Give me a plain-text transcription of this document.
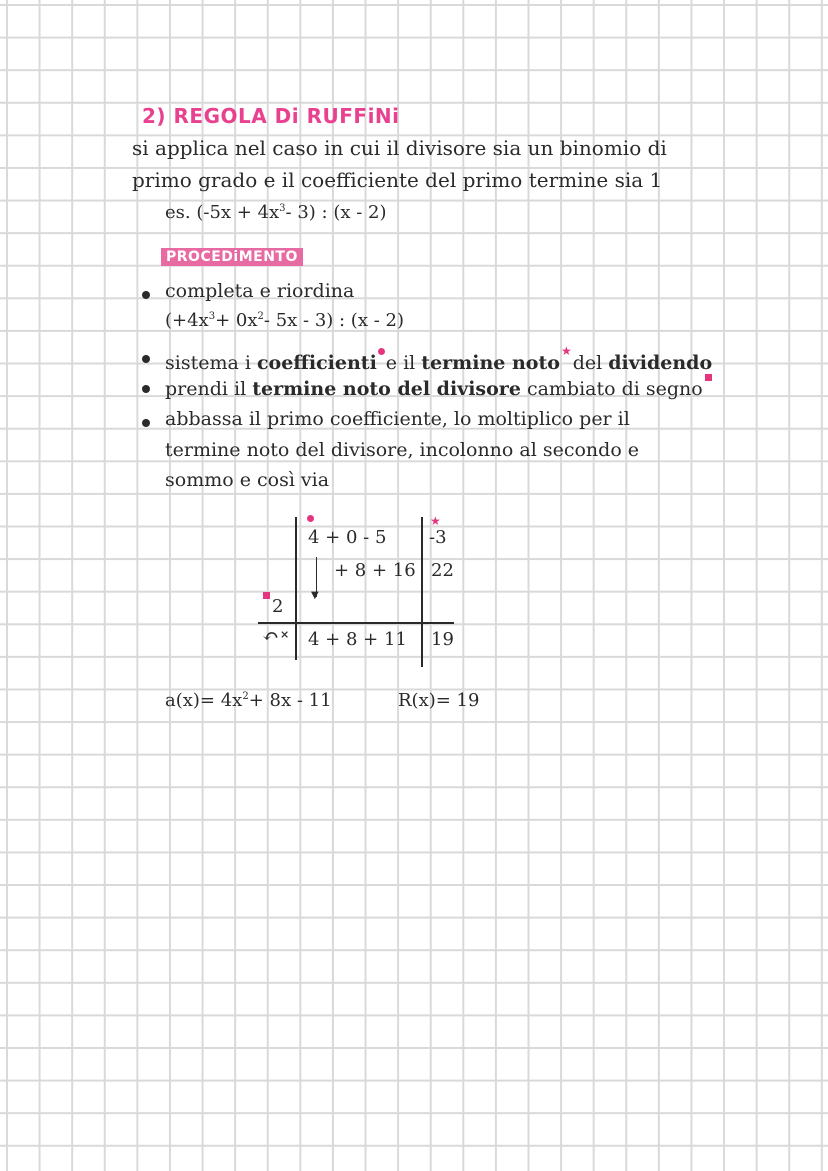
2) REGOLA Di RUFFiNi
si applica nel caso in cui il divisore sia un binomio di
primo grado e il coefficiente del primo termine sia 1
es. ($-5x + 4x^3-$ 3) : (x - 2)
PROCEDiMENTO
completa e riordina
($+4x^3+ 0x^2-$ 5x - 3) : (x - 2)
sistema i coefficienti e il termine noto★del dividendo
prendi il termine noto del divisore cambiato di segno
abbassa il primo coefficiente, lo moltiplico per il
termine noto del divisore, incolonno al secondo e
sommo e così via
▼
★
4 + 0 - 5 -3
+ 8 + 16 22
2
4 + 8 + 11 19
↶ ×
$a(x)= 4x^2+ 8x - 11$	R(x)= 19
